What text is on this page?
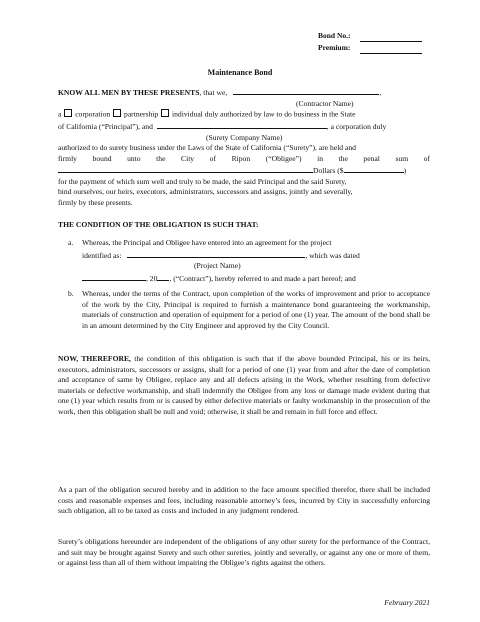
Bond No.:
Premium:
Maintenance Bond
KNOW ALL MEN BY THESE PRESENTS, that we,	,
(Contractor Name)
a corporation partnership individual duly authorized by law to do business in the State
of California (“Principal”), and	, a corporation duly
(Surety Company Name)
authorized to do surety business under the Laws of the State of California (“Surety”), are held and
firmly bound unto the City of Ripon (“Obligee”) in the penal sum of
Dollars ($	)
for the payment of which sum well and truly to be made, the said Principal and the said Surety,
bind ourselves, our heirs, executors, administrators, successors and assigns, jointly and severally,
firmly by these presents.
THE CONDITION OF THE OBLIGATION IS SUCH THAT:
a. Whereas, the Principal and Obligee have entered into an agreement for the project
identified as:	, which was dated
(Project Name)
, 20 , (“Contract”), hereby referred to and made a part hereof; and
b. Whereas, under the terms of the Contract, upon completion of the works of improvement and prior to acceptance of the work by the City, Principal is required to furnish a maintenance bond guaranteeing the workmanship, materials of construction and operation of equipment for a period of one (1) year. The amount of the bond shall be in an amount determined by the City Engineer and approved by the City Council.
NOW, THEREFORE, the condition of this obligation is such that if the above bounded Principal, his or its heirs, executors, administrators, successors or assigns, shall for a period of one (1) year from and after the date of completion and acceptance of same by Obligee, replace any and all defects arising in the Work, whether resulting from defective materials or defective workmanship, and shall indemnify the Obligee from any loss or damage made evident during that one (1) year which results from or is caused by either defective materials or faulty workmanship in the prosecution of the work, then this obligation shall be null and void; otherwise, it shall be and remain in full force and effect.
As a part of the obligation secured hereby and in addition to the face amount specified therefor, there shall be included costs and reasonable expenses and fees, including reasonable attorney’s fees, incurred by City in successfully enforcing such obligation, all to be taxed as costs and included in any judgment rendered.
Surety’s obligations hereunder are independent of the obligations of any other surety for the performance of the Contract, and suit may be brought against Surety and such other sureties, jointly and severally, or against any one or more of them, or against less than all of them without impairing the Obligee’s rights against the others.
February 2021
